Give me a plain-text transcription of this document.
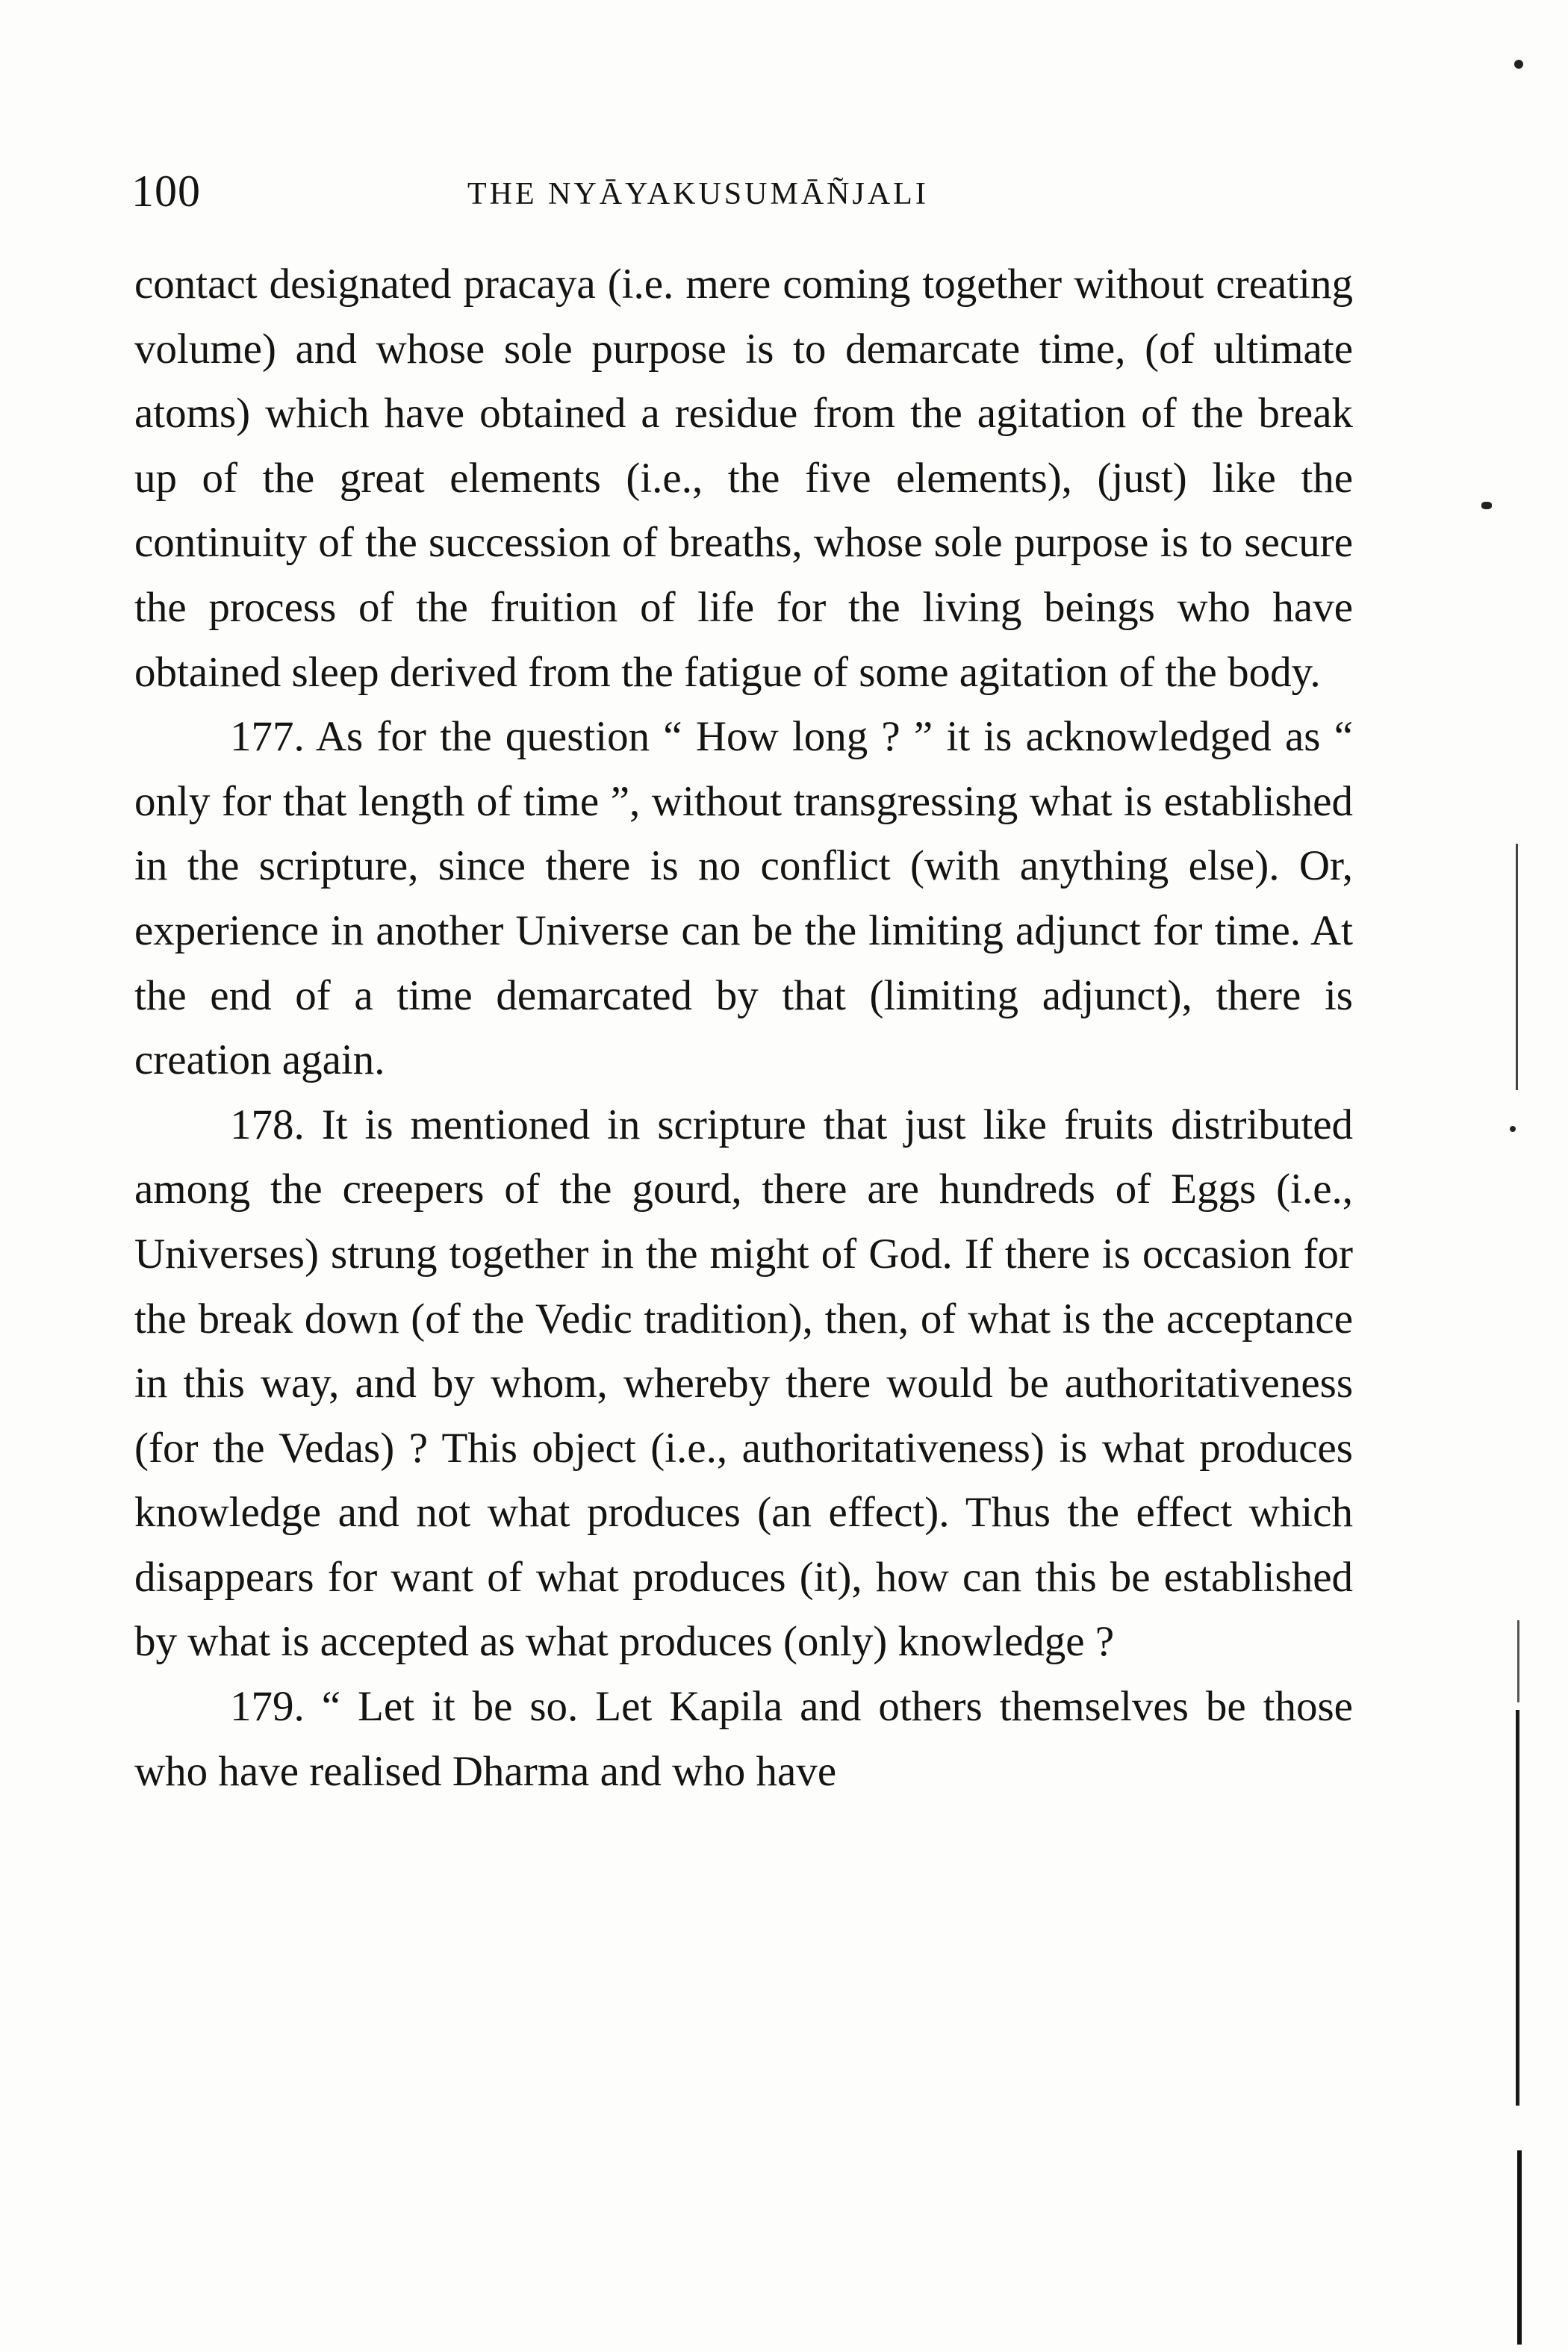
100	THE NYĀYAKUSUMĀÑJALI

contact designated pracaya (i.e. mere coming together without creating volume) and whose sole purpose is to demarcate time, (of ultimate atoms) which have obtained a residue from the agitation of the break up of the great elements (i.e., the five elements), (just) like the continuity of the succession of breaths, whose sole purpose is to secure the process of the fruition of life for the living beings who have obtained sleep derived from the fatigue of some agitation of the body.

177. As for the question “ How long ? ” it is acknowledged as “ only for that length of time ”, without transgressing what is established in the scripture, since there is no conflict (with anything else). Or, experience in another Universe can be the limiting adjunct for time. At the end of a time demarcated by that (limiting adjunct), there is creation again.

178. It is mentioned in scripture that just like fruits distributed among the creepers of the gourd, there are hundreds of Eggs (i.e., Universes) strung together in the might of God. If there is occasion for the break down (of the Vedic tradition), then, of what is the acceptance in this way, and by whom, whereby there would be authoritativeness (for the Vedas) ? This object (i.e., authoritativeness) is what produces knowledge and not what produces (an effect). Thus the effect which disappears for want of what produces (it), how can this be established by what is accepted as what produces (only) knowledge ?

179. “ Let it be so. Let Kapila and others themselves be those who have realised Dharma and who have
